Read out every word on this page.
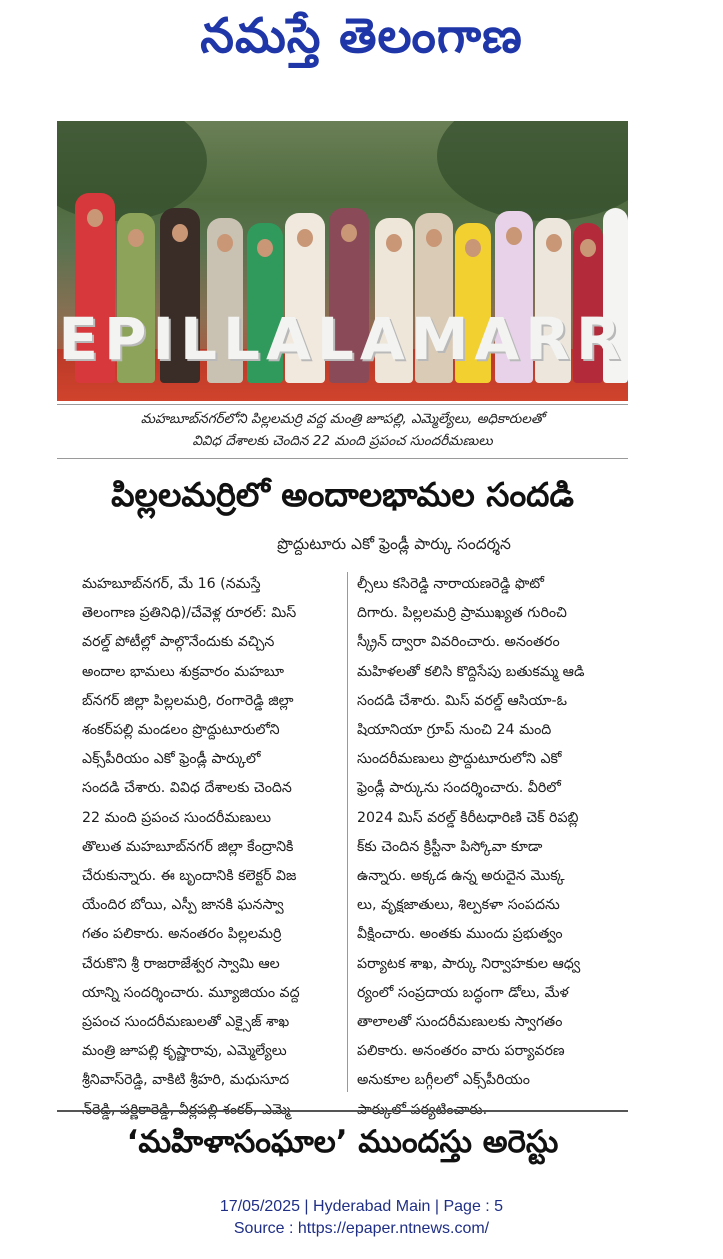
నమస్తే తెలంగాణ
EPILLALAMARR
మహబూబ్‌నగర్‌లోని పిల్లలమర్రి వద్ద మంత్రి జూపల్లి, ఎమ్మెల్యేలు, అధికారులతో
వివిధ దేశాలకు చెందిన 22 మంది ప్రపంచ సుందరీమణులు
పిల్లలమర్రిలో అందాలభామల సందడి
ప్రొద్దుటూరు ఎకో ఫ్రెండ్లీ పార్కు సందర్శన
మహబూబ్‌నగర్, మే 16 (నమస్తే
తెలంగాణ ప్రతినిధి)/చేవెళ్ల రూరల్: మిస్
వరల్డ్ పోటీల్లో పాల్గొనేందుకు వచ్చిన
అందాల భామలు శుక్రవారం మహబూ
బ్‌నగర్ జిల్లా పిల్లలమర్రి, రంగారెడ్డి జిల్లా
శంకర్‌పల్లి మండలం ప్రొద్దుటూరులోని
ఎక్స్‌పీరియం ఎకో ఫ్రెండ్లీ పార్కులో
సందడి చేశారు. వివిధ దేశాలకు చెందిన
22 మంది ప్రపంచ సుందరీమణులు
తొలుత మహబూబ్‌నగర్ జిల్లా కేంద్రానికి
చేరుకున్నారు. ఈ బృందానికి కలెక్టర్ విజ
యేందిర బోయి, ఎస్పీ జానకి ఘనస్వా
గతం పలికారు. అనంతరం పిల్లలమర్రి
చేరుకొని శ్రీ రాజరాజేశ్వర స్వామి ఆల
యాన్ని సందర్శించారు. మ్యూజియం వద్ద
ప్రపంచ సుందరీమణులతో ఎక్సైజ్ శాఖ
మంత్రి జూపల్లి కృష్ణారావు, ఎమ్మెల్యేలు
శ్రీనివాస్‌రెడ్డి, వాకిటి శ్రీహరి, మధుసూద
న్‌రెడ్డి, పర్ణికారెడ్డి, వీర్లపల్లి శంకర్, ఎమ్మె
ల్సీలు కసిరెడ్డి నారాయణరెడ్డి ఫొటో
దిగారు. పిల్లలమర్రి ప్రాముఖ్యత గురించి
స్క్రీన్ ద్వారా వివరించారు. అనంతరం
మహిళలతో కలిసి కొద్దిసేపు బతుకమ్మ ఆడి
సందడి చేశారు. మిస్ వరల్డ్ ఆసియా-ఓ
షియానియా గ్రూప్ నుంచి 24 మంది
సుందరీమణులు ప్రొద్దుటూరులోని ఎకో
ఫ్రెండ్లీ పార్కును సందర్శించారు. వీరిలో
2024 మిస్ వరల్డ్ కిరీటధారిణి చెక్ రిపబ్లి
క్‌కు చెందిన క్రిస్టీనా పిస్కోవా కూడా
ఉన్నారు. అక్కడ ఉన్న అరుదైన మొక్క
లు, వృక్షజాతులు, శిల్పకళా సంపదను
వీక్షించారు. అంతకు ముందు ప్రభుత్వం
పర్యాటక శాఖ, పార్కు నిర్వాహకుల ఆధ్వ
ర్యంలో సంప్రదాయ బద్ధంగా డోలు, మేళ
తాలాలతో సుందరీమణులకు స్వాగతం
పలికారు. అనంతరం వారు పర్యావరణ
అనుకూల బగ్గీలలో ఎక్స్‌పీరియం
పార్కులో పర్యటించారు.
‘మహిళాసంఘాల’ ముందస్తు అరెస్టు
17/05/2025 | Hyderabad Main | Page : 5
Source : https://epaper.ntnews.com/
